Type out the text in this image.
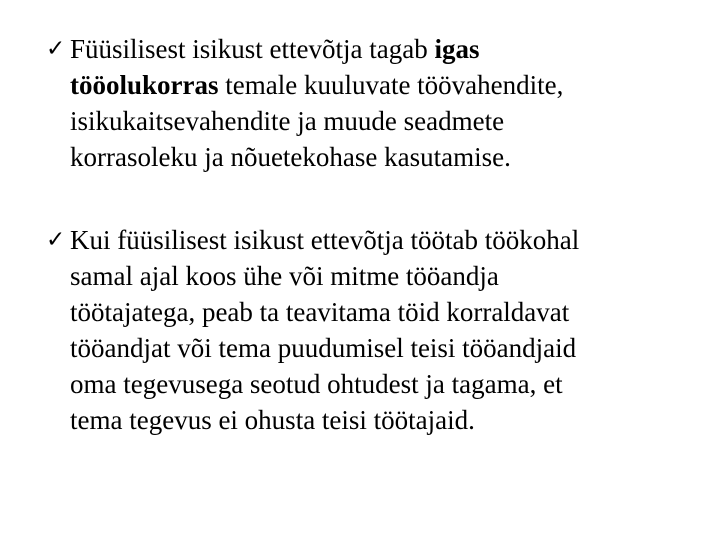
✓ Füüsilisest isikust ettevõtja tagab igas
tööolukorras temale kuuluvate töövahendite,
isikukaitsevahendite ja muude seadmete
korrasoleku ja nõuetekohase kasutamise.
✓ Kui füüsilisest isikust ettevõtja töötab töökohal
samal ajal koos ühe või mitme tööandja
töötajatega, peab ta teavitama töid korraldavat
tööandjat või tema puudumisel teisi tööandjaid
oma tegevusega seotud ohtudest ja tagama, et
tema tegevus ei ohusta teisi töötajaid.
